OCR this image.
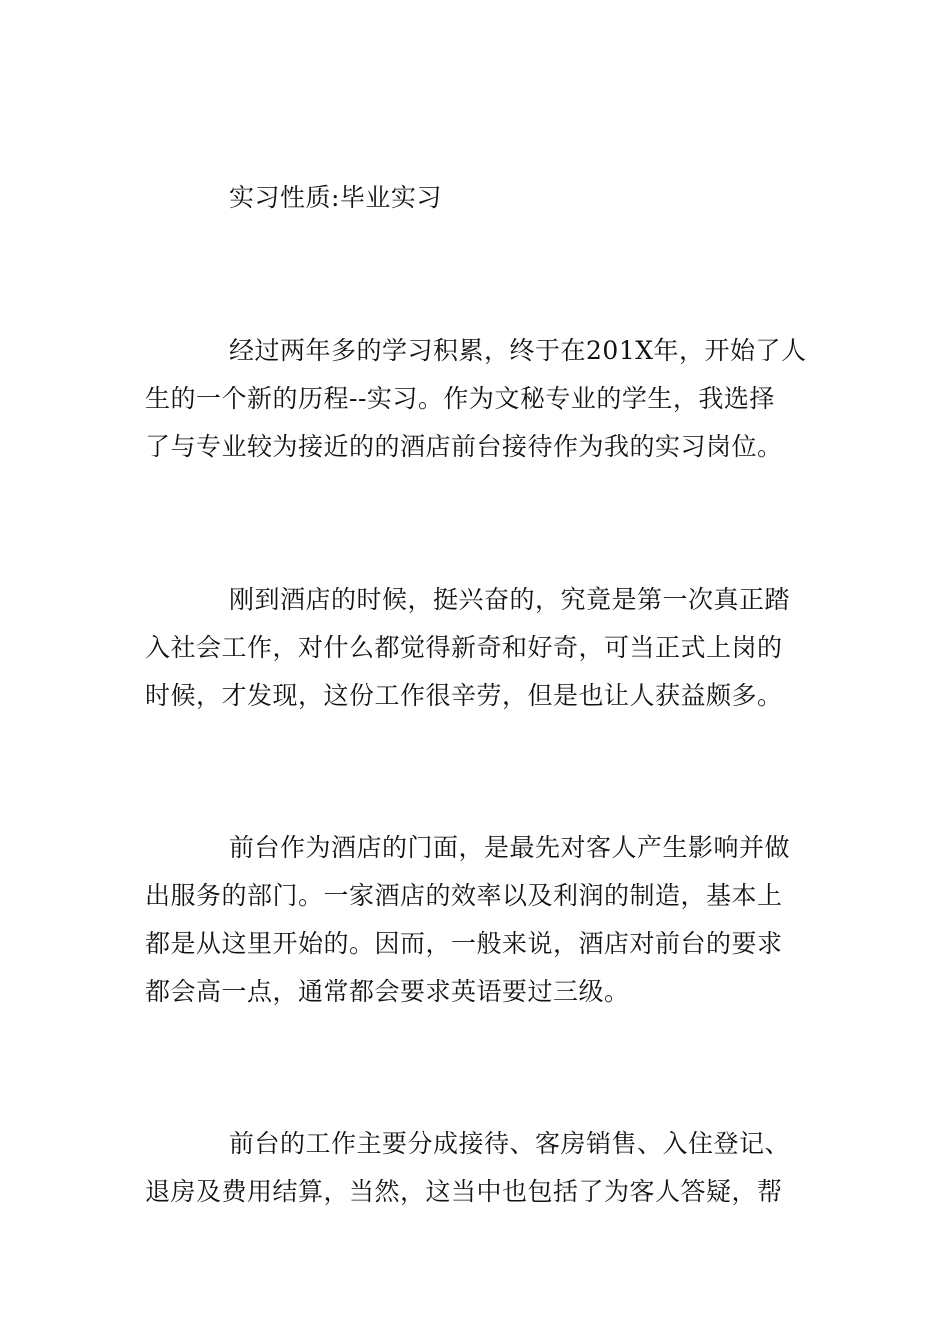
实习性质:毕业实习

经过两年多的学习积累，终于在201X年，开始了人
生的一个新的历程--实习。作为文秘专业的学生，我选择
了与专业较为接近的的酒店前台接待作为我的实习岗位。

刚到酒店的时候，挺兴奋的，究竟是第一次真正踏
入社会工作，对什么都觉得新奇和好奇，可当正式上岗的
时候，才发现，这份工作很辛劳，但是也让人获益颇多。

前台作为酒店的门面，是最先对客人产生影响并做
出服务的部门。一家酒店的效率以及利润的制造，基本上
都是从这里开始的。因而，一般来说，酒店对前台的要求
都会高一点，通常都会要求英语要过三级。

前台的工作主要分成接待、客房销售、入住登记、
退房及费用结算，当然，这当中也包括了为客人答疑，帮
